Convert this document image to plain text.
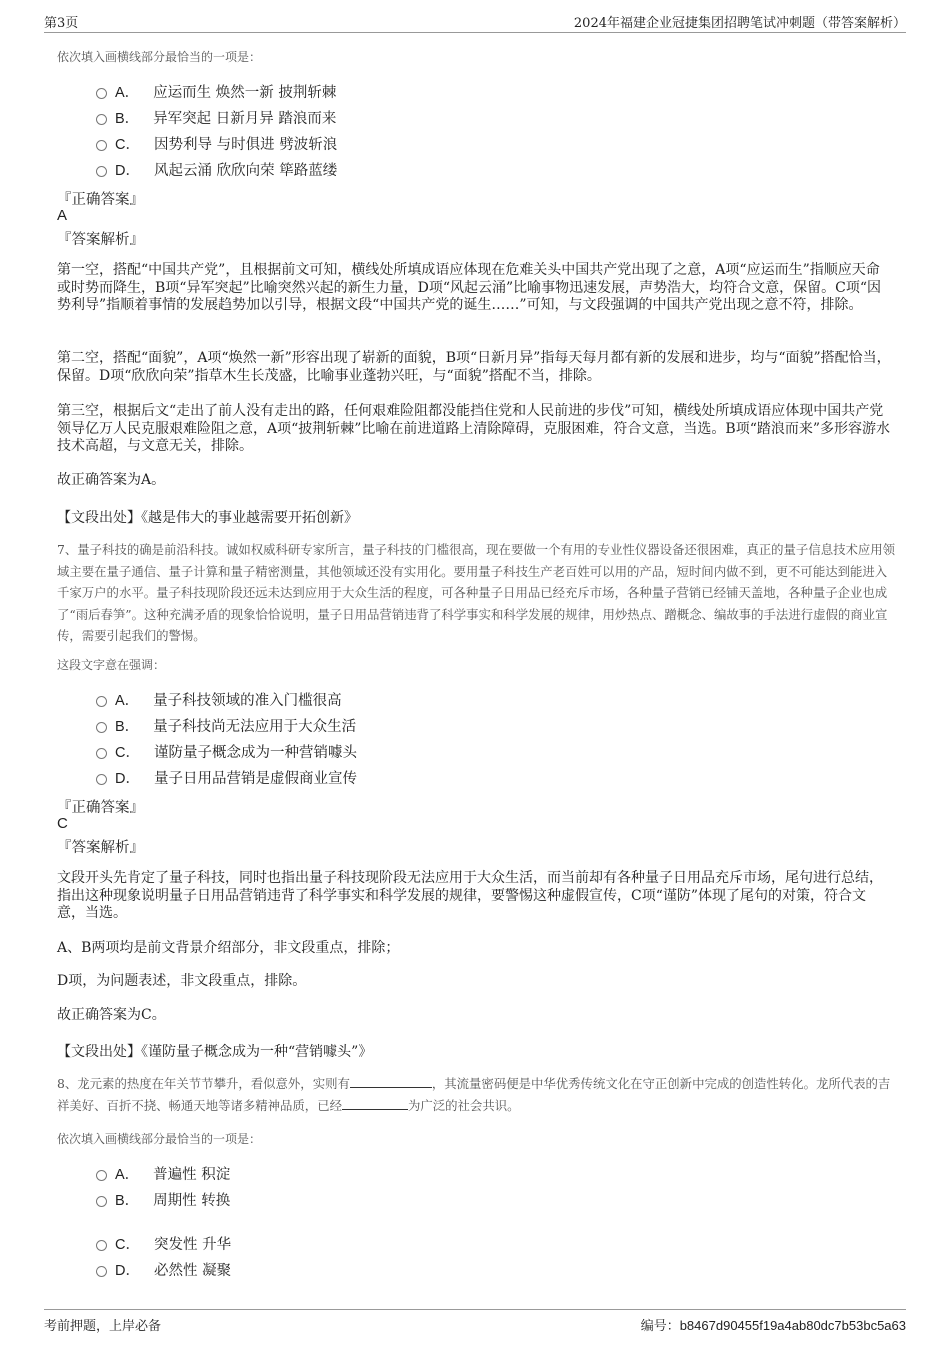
第3页	2024年福建企业冠捷集团招聘笔试冲刺题（带答案解析）
依次填入画横线部分最恰当的一项是：
A． 应运而生 焕然一新 披荆斩棘
B． 异军突起 日新月异 踏浪而来
C． 因势利导 与时俱进 劈波斩浪
D． 风起云涌 欣欣向荣 筚路蓝缕
『正确答案』
A
『答案解析』
第一空，搭配“中国共产党”，且根据前文可知，横线处所填成语应体现在危难关头中国共产党出现了之意，A项“应运而生”指顺应天命或时势而降生，B项“异军突起”比喻突然兴起的新生力量，D项“风起云涌”比喻事物迅速发展，声势浩大，均符合文意，保留。C项“因势利导”指顺着事情的发展趋势加以引导，根据文段“中国共产党的诞生……”可知，与文段强调的中国共产党出现之意不符，排除。
第二空，搭配“面貌”，A项“焕然一新”形容出现了崭新的面貌，B项“日新月异”指每天每月都有新的发展和进步，均与“面貌”搭配恰当，保留。D项“欣欣向荣”指草木生长茂盛，比喻事业蓬勃兴旺，与“面貌”搭配不当，排除。
第三空，根据后文“走出了前人没有走出的路，任何艰难险阻都没能挡住党和人民前进的步伐”可知，横线处所填成语应体现中国共产党领导亿万人民克服艰难险阻之意，A项“披荆斩棘”比喻在前进道路上清除障碍，克服困难，符合文意，当选。B项“踏浪而来”多形容游水技术高超，与文意无关，排除。
故正确答案为A。
【文段出处】《越是伟大的事业越需要开拓创新》
7、量子科技的确是前沿科技。诚如权威科研专家所言，量子科技的门槛很高，现在要做一个有用的专业性仪器设备还很困难，真正的量子信息技术应用领域主要在量子通信、量子计算和量子精密测量，其他领域还没有实用化。要用量子科技生产老百姓可以用的产品，短时间内做不到，更不可能达到能进入千家万户的水平。量子科技现阶段还远未达到应用于大众生活的程度，可各种量子日用品已经充斥市场，各种量子营销已经铺天盖地，各种量子企业也成了“雨后春笋”。这种充满矛盾的现象恰恰说明，量子日用品营销违背了科学事实和科学发展的规律，用炒热点、蹭概念、编故事的手法进行虚假的商业宣传，需要引起我们的警惕。
这段文字意在强调：
A． 量子科技领域的准入门槛很高
B． 量子科技尚无法应用于大众生活
C． 谨防量子概念成为一种营销噱头
D． 量子日用品营销是虚假商业宣传
『正确答案』
C
『答案解析』
文段开头先肯定了量子科技，同时也指出量子科技现阶段无法应用于大众生活，而当前却有各种量子日用品充斥市场，尾句进行总结，指出这种现象说明量子日用品营销违背了科学事实和科学发展的规律，要警惕这种虚假宣传，C项“谨防”体现了尾句的对策，符合文意，当选。
A、B两项均是前文背景介绍部分，非文段重点，排除；
D项，为问题表述，非文段重点，排除。
故正确答案为C。
【文段出处】《谨防量子概念成为一种“营销噱头”》
8、龙元素的热度在年关节节攀升，看似意外，实则有	，其流量密码便是中华优秀传统文化在守正创新中完成的创造性转化。龙所代表的吉祥美好、百折不挠、畅通天地等诸多精神品质，已经	为广泛的社会共识。
依次填入画横线部分最恰当的一项是：
A． 普遍性 积淀
B． 周期性 转换
C． 突发性 升华
D． 必然性 凝聚
考前押题，上岸必备	编号：b8467d90455f19a4ab80dc7b53bc5a63
